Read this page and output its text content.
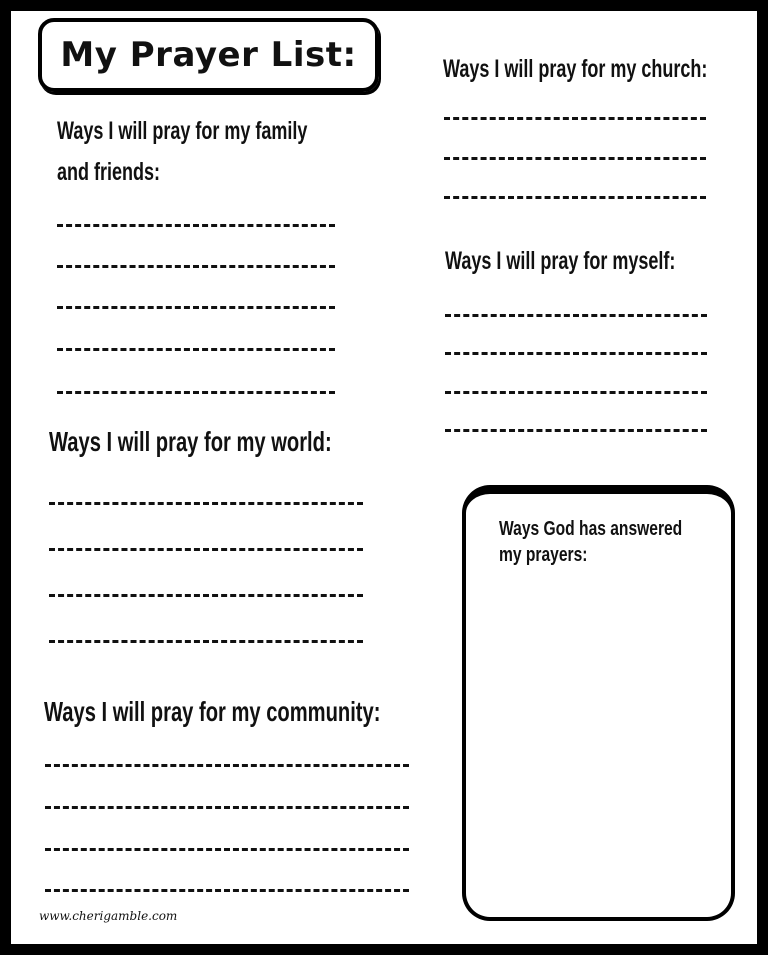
My Prayer List:
Ways I will pray for my family
and friends:
Ways I will pray for my world:
Ways I will pray for my community:
Ways I will pray for my church:
Ways I will pray for myself:
Ways God has answered my prayers:
www.cherigamble.com
